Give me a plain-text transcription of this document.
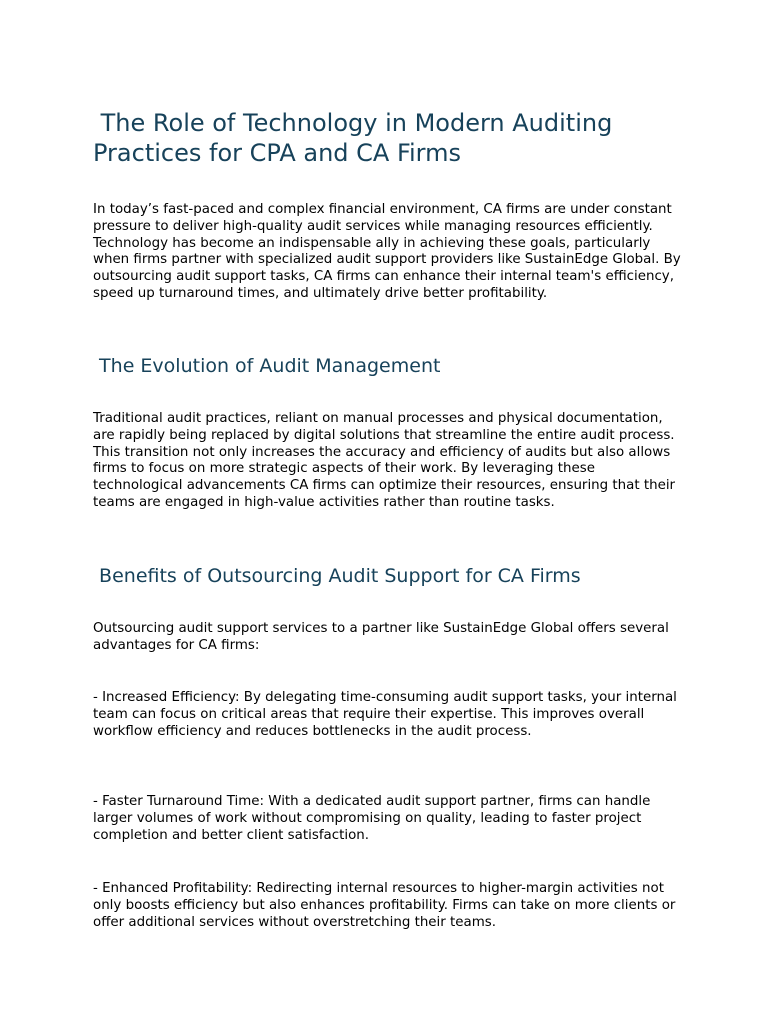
The Role of Technology in Modern Auditing Practices for CPA and CA Firms

In today’s fast-paced and complex financial environment, CA firms are under constant pressure to deliver high-quality audit services while managing resources efficiently. Technology has become an indispensable ally in achieving these goals, particularly when firms partner with specialized audit support providers like SustainEdge Global. By outsourcing audit support tasks, CA firms can enhance their internal team's efficiency, speed up turnaround times, and ultimately drive better profitability.

The Evolution of Audit Management

Traditional audit practices, reliant on manual processes and physical documentation, are rapidly being replaced by digital solutions that streamline the entire audit process. This transition not only increases the accuracy and efficiency of audits but also allows firms to focus on more strategic aspects of their work. By leveraging these technological advancements CA firms can optimize their resources, ensuring that their teams are engaged in high-value activities rather than routine tasks.

Benefits of Outsourcing Audit Support for CA Firms

Outsourcing audit support services to a partner like SustainEdge Global offers several advantages for CA firms:

- Increased Efficiency: By delegating time-consuming audit support tasks, your internal team can focus on critical areas that require their expertise. This improves overall workflow efficiency and reduces bottlenecks in the audit process.

- Faster Turnaround Time: With a dedicated audit support partner, firms can handle larger volumes of work without compromising on quality, leading to faster project completion and better client satisfaction.

- Enhanced Profitability: Redirecting internal resources to higher-margin activities not only boosts efficiency but also enhances profitability. Firms can take on more clients or offer additional services without overstretching their teams.
